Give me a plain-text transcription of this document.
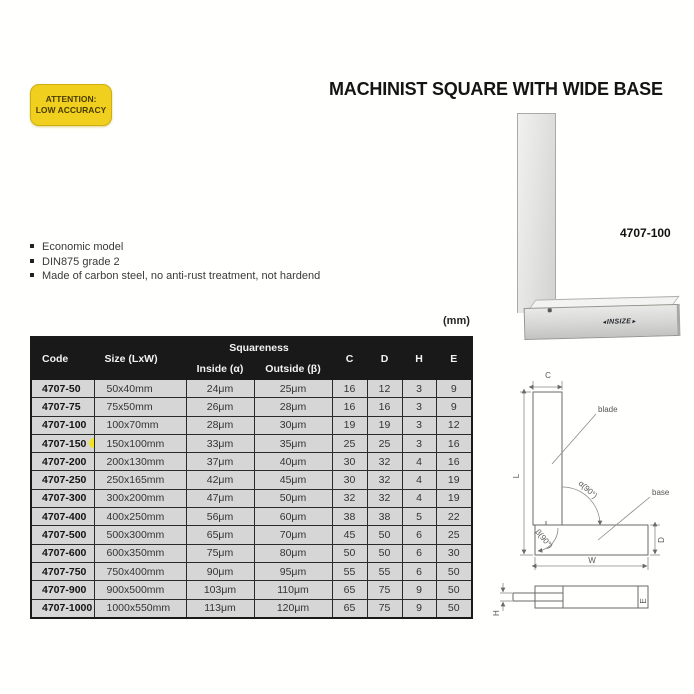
ATTENTION:
LOW ACCURACY
MACHINIST SQUARE WITH WIDE BASE
◂ INSIZE ▸
4707-100
Economic model
DIN875 grade 2
Made of carbon steel, no anti-rust treatment, not hardend
(mm)
Code	Size (LxW)	Squareness		C	D	H	E
		Inside (α)	Outside (β)				
4707-50	50x40mm	24μm	25μm	16	12	3	9
4707-75	75x50mm	26μm	28μm	16	16	3	9
4707-100	100x70mm	28μm	30μm	19	19	3	12
4707-150	150x100mm	33μm	35μm	25	25	3	16
4707-200	200x130mm	37μm	40μm	30	32	4	16
4707-250	250x165mm	42μm	45μm	30	32	4	19
4707-300	300x200mm	47μm	50μm	32	32	4	19
4707-400	400x250mm	56μm	60μm	38	38	5	22
4707-500	500x300mm	65μm	70μm	45	50	6	25
4707-600	600x350mm	75μm	80μm	50	50	6	30
4707-750	750x400mm	90μm	95μm	55	55	6	50
4707-900	900x500mm	103μm	110μm	65	75	9	50
4707-1000	1000x550mm	113μm	120μm	65	75	9	50
C
L
W
D
α(90°)
β(90°)
blade
base
E
H
